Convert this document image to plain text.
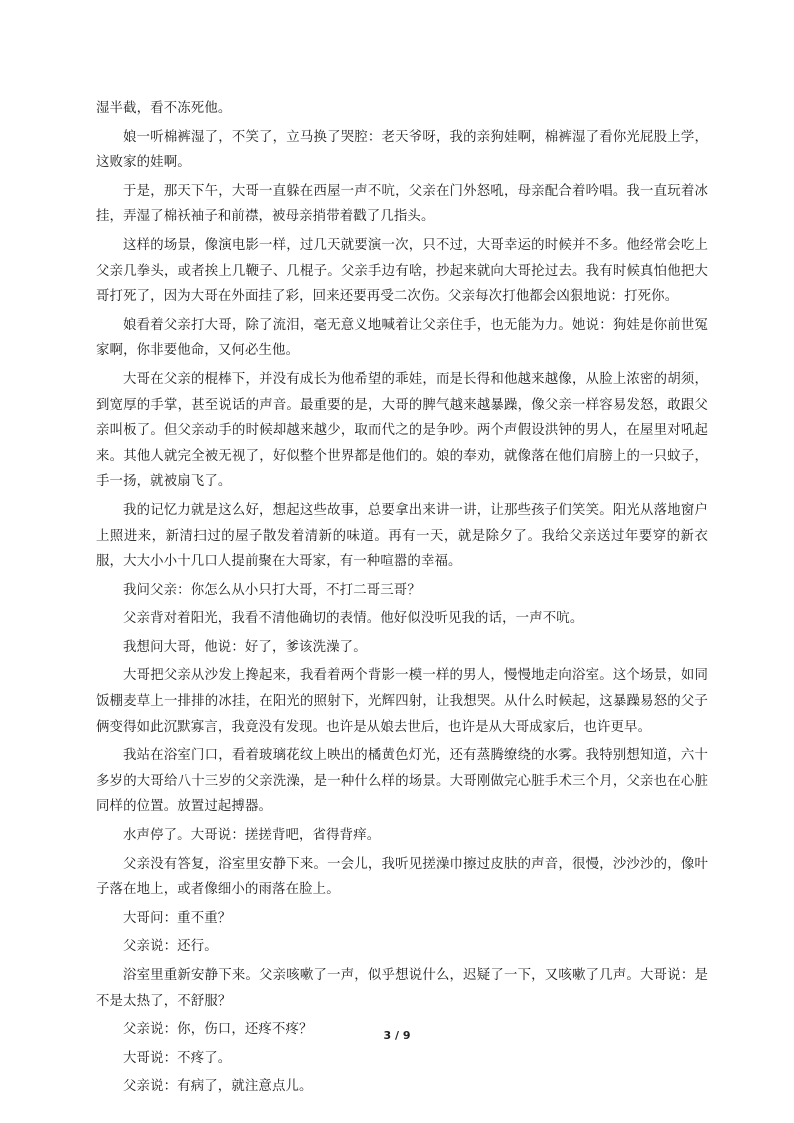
湿半截，看不冻死他。

娘一听棉裤湿了，不笑了，立马换了哭腔：老天爷呀，我的亲狗娃啊，棉裤湿了看你光屁股上学，这败家的娃啊。

于是，那天下午，大哥一直躲在西屋一声不吭，父亲在门外怒吼，母亲配合着吟唱。我一直玩着冰挂，弄湿了棉袄袖子和前襟，被母亲捎带着戳了几指头。

这样的场景，像演电影一样，过几天就要演一次，只不过，大哥幸运的时候并不多。他经常会吃上父亲几拳头，或者挨上几鞭子、几棍子。父亲手边有啥，抄起来就向大哥抡过去。我有时候真怕他把大哥打死了，因为大哥在外面挂了彩，回来还要再受二次伤。父亲每次打他都会凶狠地说：打死你。

娘看着父亲打大哥，除了流泪，毫无意义地喊着让父亲住手，也无能为力。她说：狗娃是你前世冤家啊，你非要他命，又何必生他。

大哥在父亲的棍棒下，并没有成长为他希望的乖娃，而是长得和他越来越像，从脸上浓密的胡须，到宽厚的手掌，甚至说话的声音。最重要的是，大哥的脾气越来越暴躁，像父亲一样容易发怒，敢跟父亲叫板了。但父亲动手的时候却越来越少，取而代之的是争吵。两个声假设洪钟的男人，在屋里对吼起来。其他人就完全被无视了，好似整个世界都是他们的。娘的奉劝，就像落在他们肩膀上的一只蚊子，手一扬，就被扇飞了。

我的记忆力就是这么好，想起这些故事，总要拿出来讲一讲，让那些孩子们笑笑。阳光从落地窗户上照进来，新清扫过的屋子散发着清新的味道。再有一天，就是除夕了。我给父亲送过年要穿的新衣服，大大小小十几口人提前聚在大哥家，有一种喧嚣的幸福。

我问父亲：你怎么从小只打大哥，不打二哥三哥？

父亲背对着阳光，我看不清他确切的表情。他好似没听见我的话，一声不吭。

我想问大哥，他说：好了，爹该洗澡了。

大哥把父亲从沙发上搀起来，我看着两个背影一模一样的男人，慢慢地走向浴室。这个场景，如同饭棚麦草上一排排的冰挂，在阳光的照射下，光辉四射，让我想哭。从什么时候起，这暴躁易怒的父子俩变得如此沉默寡言，我竟没有发现。也许是从娘去世后，也许是从大哥成家后，也许更早。

我站在浴室门口，看着玻璃花纹上映出的橘黄色灯光，还有蒸腾缭绕的水雾。我特别想知道，六十多岁的大哥给八十三岁的父亲洗澡，是一种什么样的场景。大哥刚做完心脏手术三个月，父亲也在心脏同样的位置。放置过起搏器。

水声停了。大哥说：搓搓背吧，省得背痒。

父亲没有答复，浴室里安静下来。一会儿，我听见搓澡巾擦过皮肤的声音，很慢，沙沙沙的，像叶子落在地上，或者像细小的雨落在脸上。

大哥问：重不重？

父亲说：还行。

浴室里重新安静下来。父亲咳嗽了一声，似乎想说什么，迟疑了一下，又咳嗽了几声。大哥说：是不是太热了，不舒服？

父亲说：你，伤口，还疼不疼？

大哥说：不疼了。

父亲说：有病了，就注意点儿。

3 / 9
